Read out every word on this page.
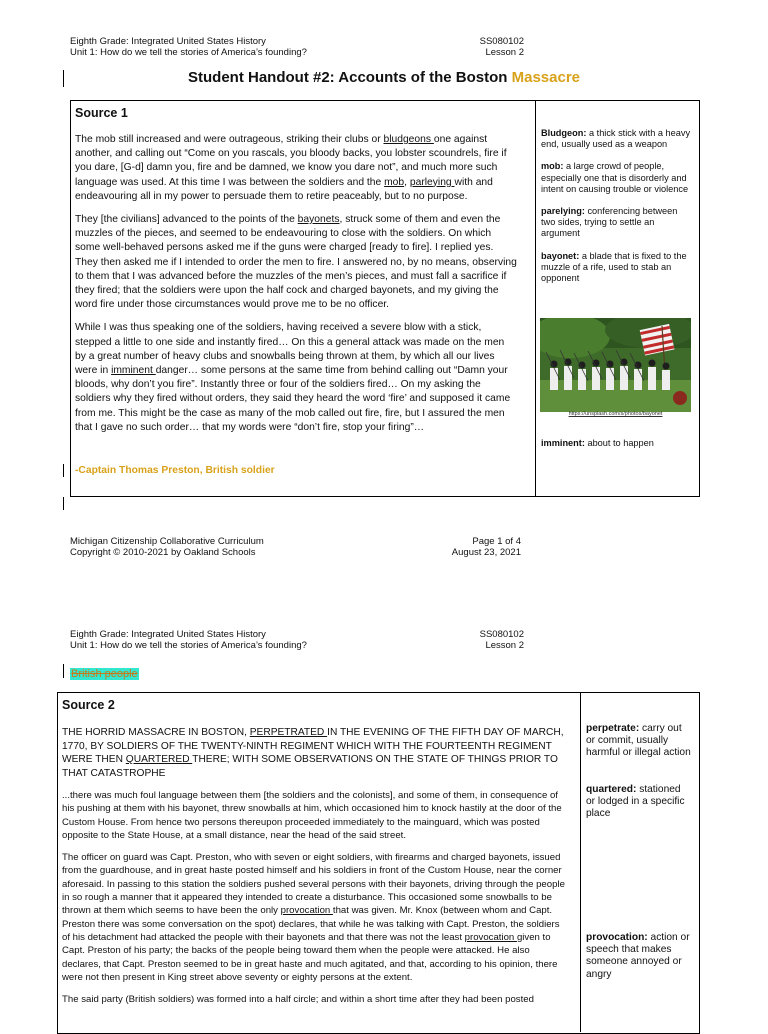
Eighth Grade: Integrated United States History
Unit 1: How do we tell the stories of America’s founding?
SS080102
Lesson 2
Student Handout #2: Accounts of the Boston Massacre
Source 1

The mob still increased and were outrageous, striking their clubs or bludgeons one against another, and calling out “Come on you rascals, you bloody backs, you lobster scoundrels, fire if you dare, [G-d] damn you, fire and be damned, we know you dare not”, and much more such language was used. At this time I was between the soldiers and the mob, parleying with and endeavouring all in my power to persuade them to retire peaceably, but to no purpose.

They [the civilians] advanced to the points of the bayonets, struck some of them and even the muzzles of the pieces, and seemed to be endeavouring to close with the soldiers. On which some well-behaved persons asked me if the guns were charged [ready to fire]. I replied yes. They then asked me if I intended to order the men to fire. I answered no, by no means, observing to them that I was advanced before the muzzles of the men’s pieces, and must fall a sacrifice if they fired; that the soldiers were upon the half cock and charged bayonets, and my giving the word fire under those circumstances would prove me to be no officer.

While I was thus speaking one of the soldiers, having received a severe blow with a stick, stepped a little to one side and instantly fired… On this a general attack was made on the men by a great number of heavy clubs and snowballs being thrown at them, by which all our lives were in imminent danger… some persons at the same time from behind calling out “Damn your bloods, why don’t you fire”. Instantly three or four of the soldiers fired… On my asking the soldiers why they fired without orders, they said they heard the word ‘fire’ and supposed it came from me. This might be the case as many of the mob called out fire, fire, but I assured the men that I gave no such order… that my words were “don’t fire, stop your firing”…

-Captain Thomas Preston, British soldier

Bludgeon: a thick stick with a heavy end, usually used as a weapon

mob: a large crowd of people, especially one that is disorderly and intent on causing trouble or violence

parelying: conferencing between two sides, trying to settle an argument

bayonet: a blade that is fixed to the muzzle of a rife, used to stab an opponent

https://unsplash.com/s/photos/bayonet
imminent: about to happen
Michigan Citizenship Collaborative Curriculum
Copyright © 2010-2021 by Oakland Schools
Page 1 of 4
August 23, 2021
Eighth Grade: Integrated United States History
Unit 1: How do we tell the stories of America’s founding?
SS080102
Lesson 2
British people
Source 2

THE HORRID MASSACRE IN BOSTON, PERPETRATED IN THE EVENING OF THE FIFTH DAY OF MARCH, 1770, BY SOLDIERS OF THE TWENTY-NINTH REGIMENT WHICH WITH THE FOURTEENTH REGIMENT WERE THEN QUARTERED THERE; WITH SOME OBSERVATIONS ON THE STATE OF THINGS PRIOR TO THAT CATASTROPHE

...there was much foul language between them [the soldiers and the colonists], and some of them, in consequence of his pushing at them with his bayonet, threw snowballs at him, which occasioned him to knock hastily at the door of the Custom House. From hence two persons thereupon proceeded immediately to the mainguard, which was posted opposite to the State House, at a small distance, near the head of the said street.

The officer on guard was Capt. Preston, who with seven or eight soldiers, with firearms and charged bayonets, issued from the guardhouse, and in great haste posted himself and his soldiers in front of the Custom House, near the corner aforesaid. In passing to this station the soldiers pushed several persons with their bayonets, driving through the people in so rough a manner that it appeared they intended to create a disturbance. This occasioned some snowballs to be thrown at them which seems to have been the only provocation that was given. Mr. Knox (between whom and Capt. Preston there was some conversation on the spot) declares, that while he was talking with Capt. Preston, the soldiers of his detachment had attacked the people with their bayonets and that there was not the least provocation given to Capt. Preston of his party; the backs of the people being toward them when the people were attacked. He also declares, that Capt. Preston seemed to be in great haste and much agitated, and that, according to his opinion, there were not then present in King street above seventy or eighty persons at the extent.

The said party (British soldiers) was formed into a half circle; and within a short time after they had been posted

perpetrate: carry out or commit, usually harmful or illegal action
quartered: stationed or lodged in a specific place
provocation: action or speech that makes someone annoyed or angry
